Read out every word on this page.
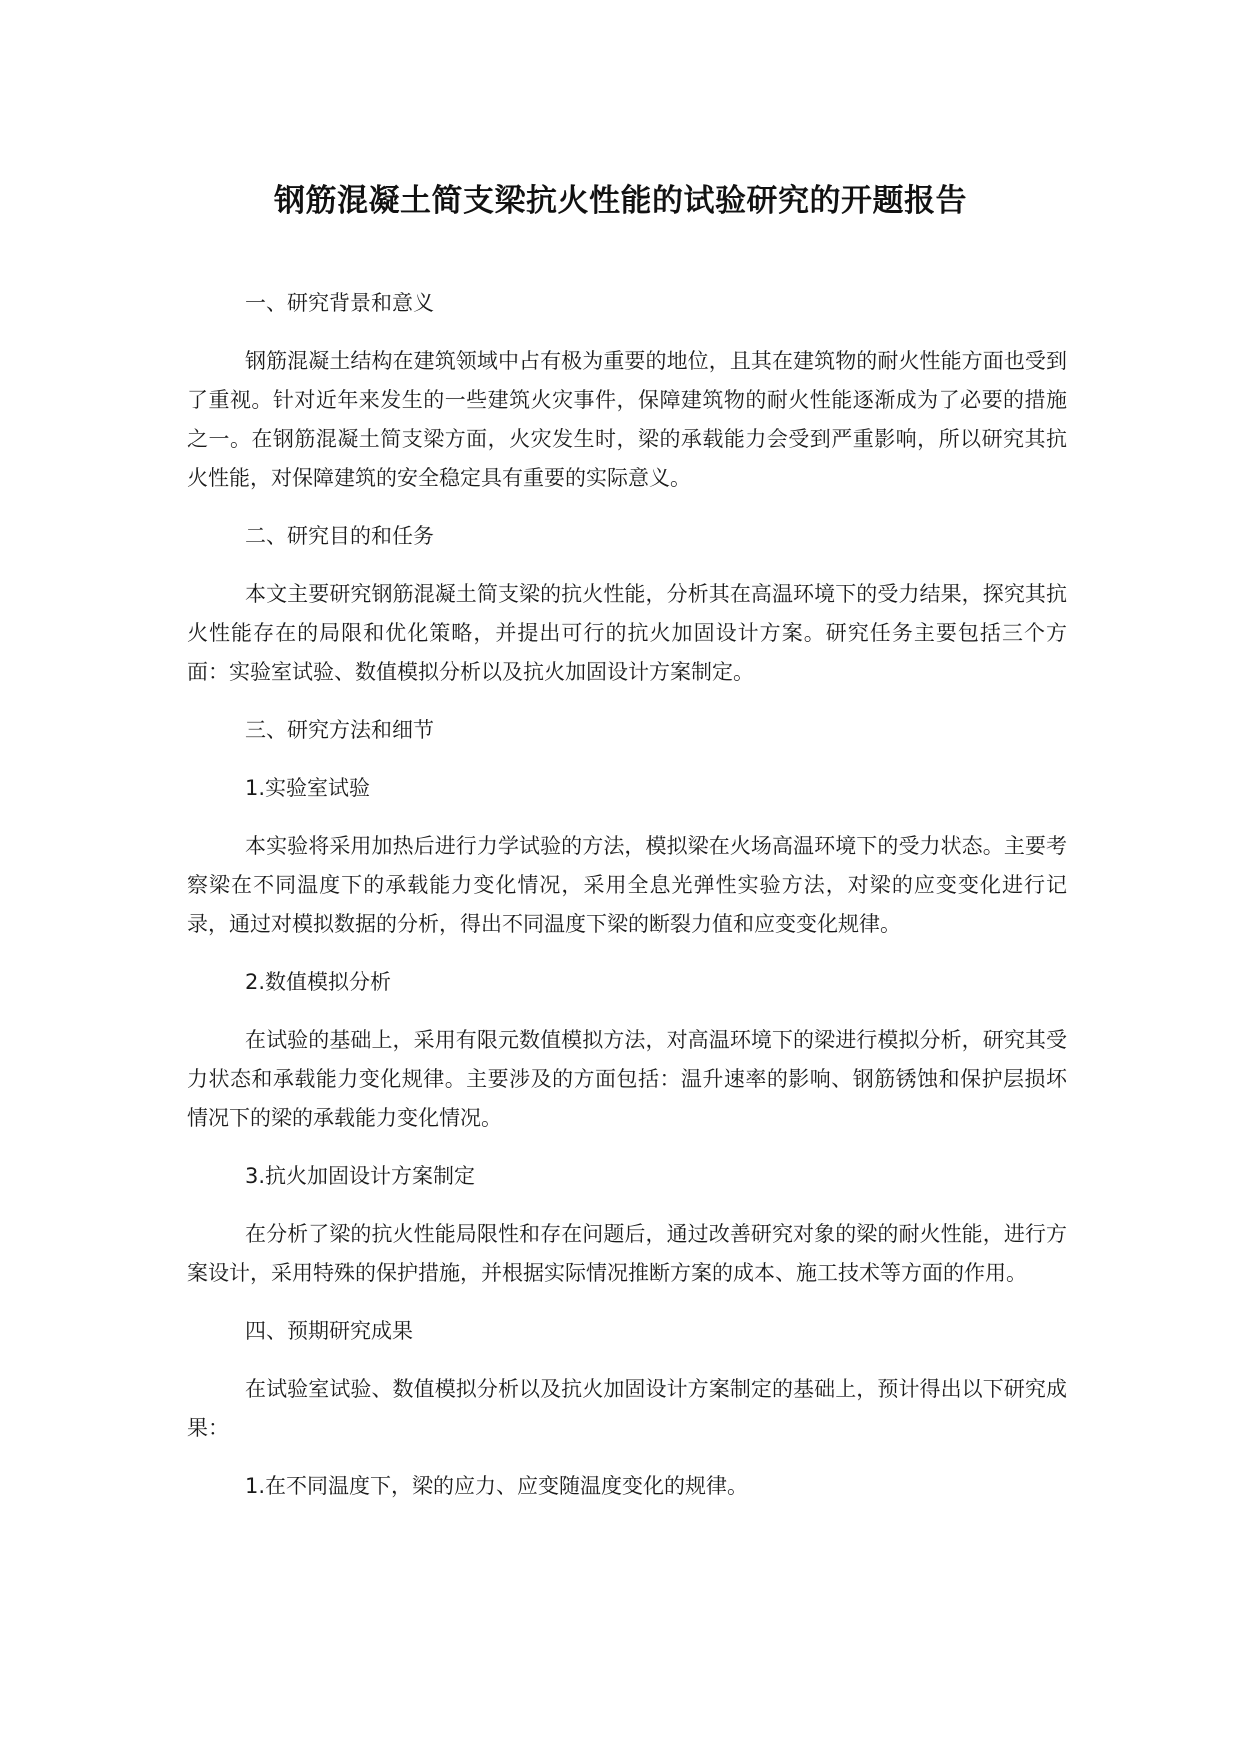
钢筋混凝土简支梁抗火性能的试验研究的开题报告
一、研究背景和意义
钢筋混凝土结构在建筑领域中占有极为重要的地位，且其在建筑物的耐火性能方面也受到了重视。针对近年来发生的一些建筑火灾事件，保障建筑物的耐火性能逐渐成为了必要的措施之一。在钢筋混凝土简支梁方面，火灾发生时，梁的承载能力会受到严重影响，所以研究其抗火性能，对保障建筑的安全稳定具有重要的实际意义。
二、研究目的和任务
本文主要研究钢筋混凝土简支梁的抗火性能，分析其在高温环境下的受力结果，探究其抗火性能存在的局限和优化策略，并提出可行的抗火加固设计方案。研究任务主要包括三个方面：实验室试验、数值模拟分析以及抗火加固设计方案制定。
三、研究方法和细节
1.实验室试验
本实验将采用加热后进行力学试验的方法，模拟梁在火场高温环境下的受力状态。主要考察梁在不同温度下的承载能力变化情况，采用全息光弹性实验方法，对梁的应变变化进行记录，通过对模拟数据的分析，得出不同温度下梁的断裂力值和应变变化规律。
2.数值模拟分析
在试验的基础上，采用有限元数值模拟方法，对高温环境下的梁进行模拟分析，研究其受力状态和承载能力变化规律。主要涉及的方面包括：温升速率的影响、钢筋锈蚀和保护层损坏情况下的梁的承载能力变化情况。
3.抗火加固设计方案制定
在分析了梁的抗火性能局限性和存在问题后，通过改善研究对象的梁的耐火性能，进行方案设计，采用特殊的保护措施，并根据实际情况推断方案的成本、施工技术等方面的作用。
四、预期研究成果
在试验室试验、数值模拟分析以及抗火加固设计方案制定的基础上，预计得出以下研究成果：
1.在不同温度下，梁的应力、应变随温度变化的规律。
